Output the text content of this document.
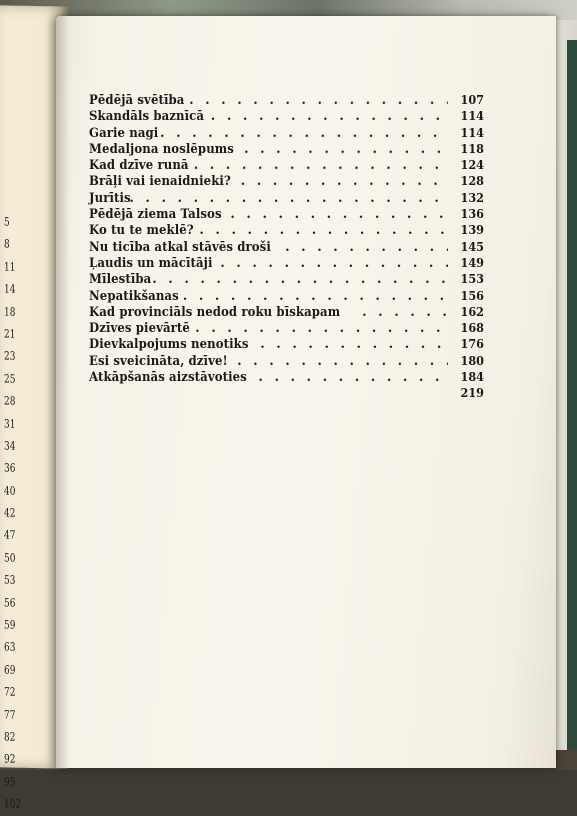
5
8
11
14
18
21
23
25
28
31
34
36
40
42
47
50
53
56
59
63
69
72
77
82
92
95
102
Pēdējā svētība . . .	107
Skandāls baznīcā . . .	114
Garie nagi . . .	114
Medaljona noslēpums . . .	118
Kad dzīve runā . . .	124
Brāļi vai ienaidnieki? . . .	128
Jurītis . . .	132
Pēdējā ziema Talsos . . .	136
Ko tu te meklē? . . .	139
Nu ticība atkal stāvēs droši . . .	145
Ļaudis un mācītāji . . .	149
Mīlestība . . .	153
Nepatikšanas . . .	156
Kad provinciāls nedod roku bīskapam . . .	162
Dzīves pievārtē . . .	168
Dievkalpojums nenotiks . . .	176
Esi sveicināta, dzīve! . . .	180
Atkāpšanās aizstāvoties . . .	184
219
